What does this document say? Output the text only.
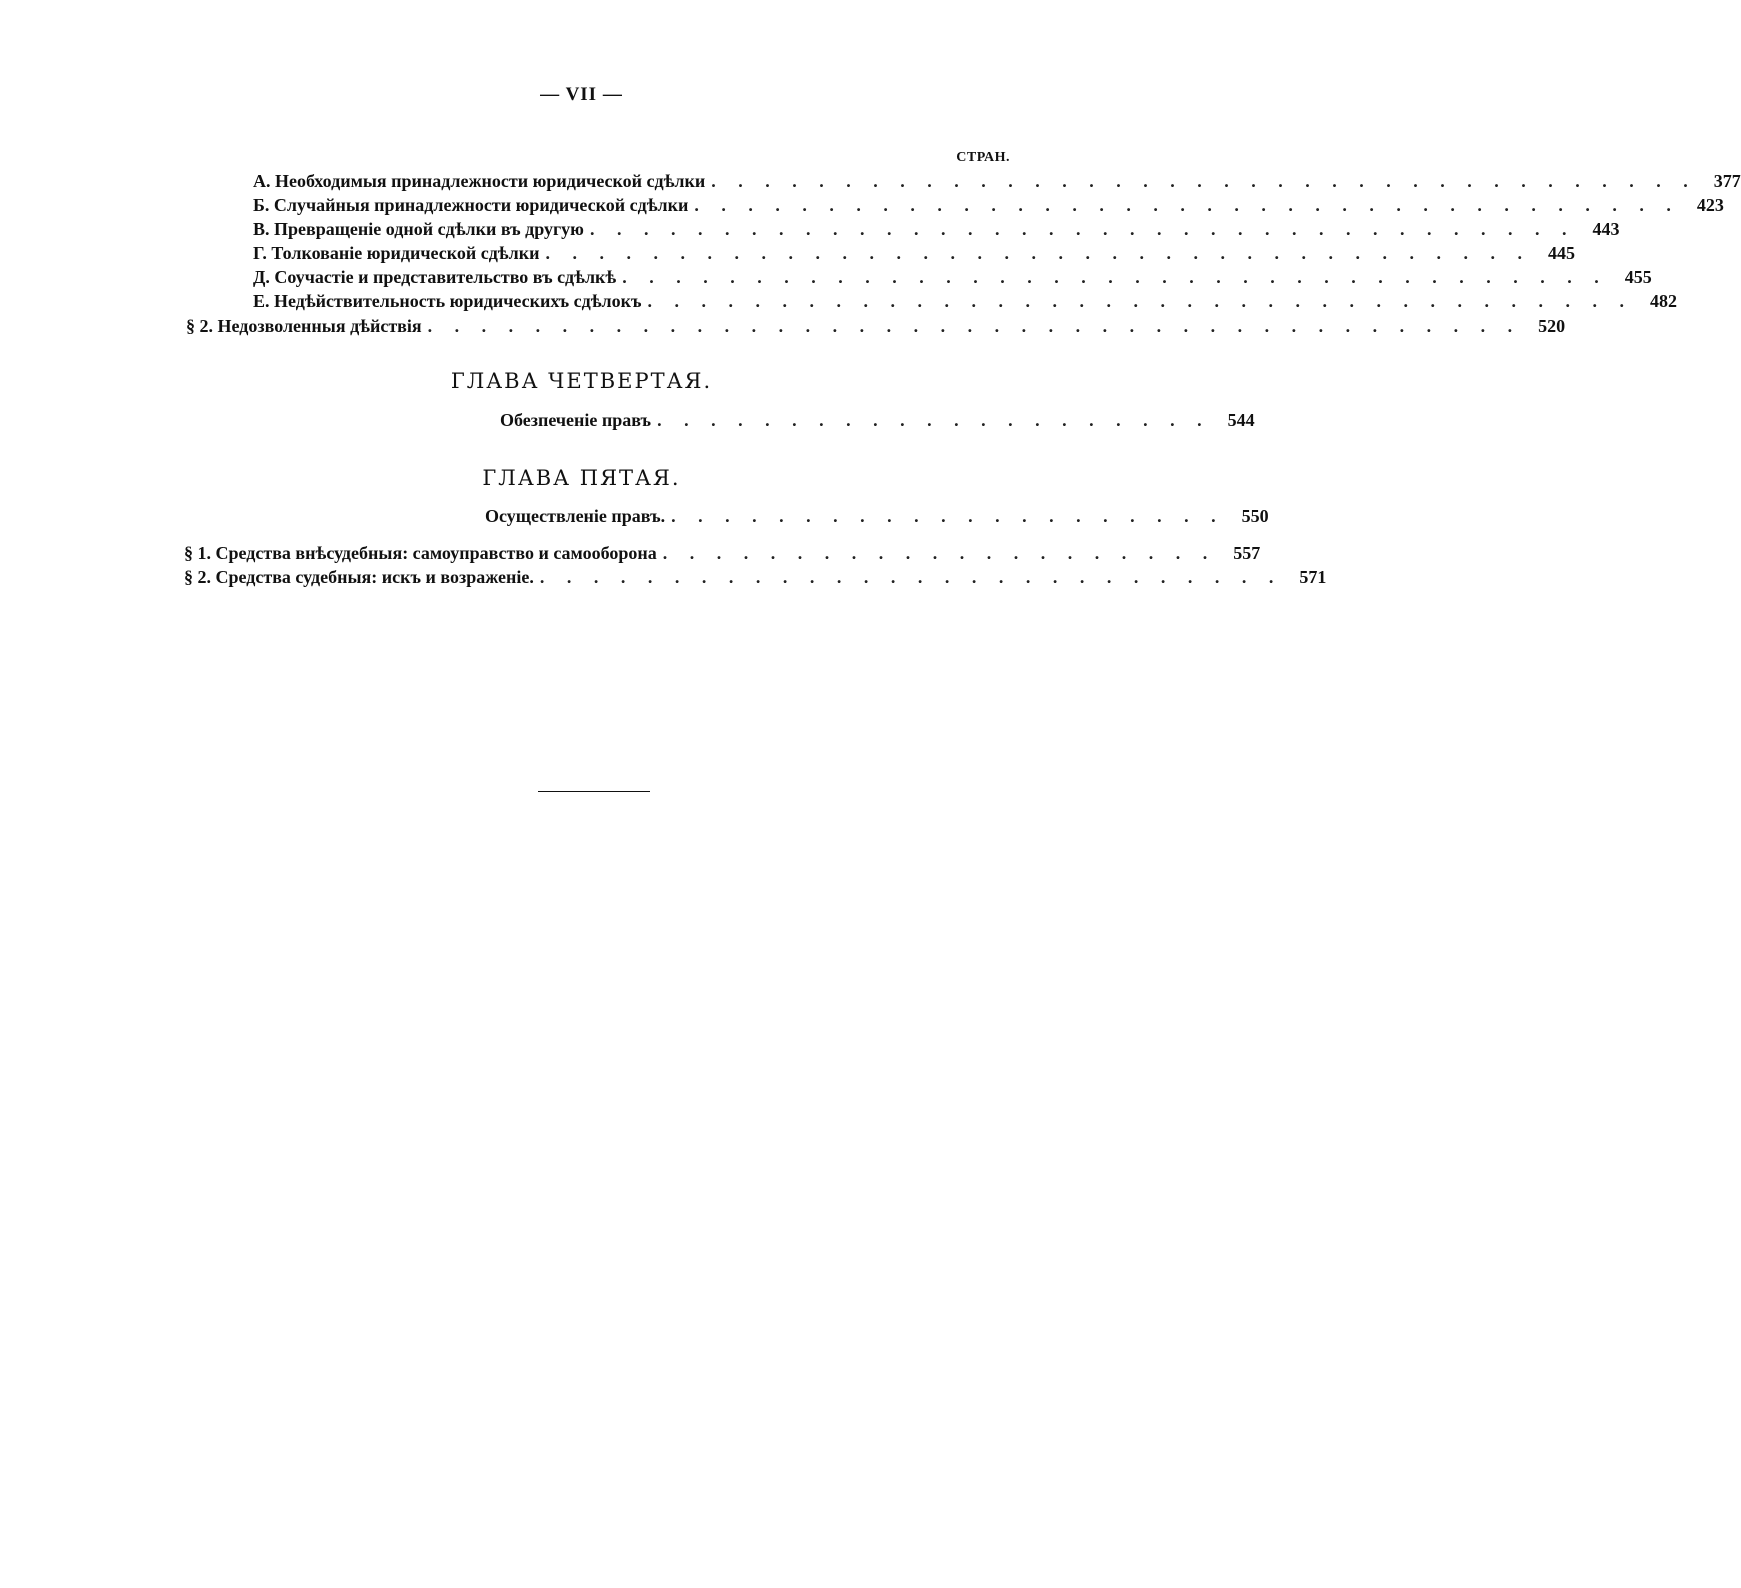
— VII —
СТРАН.
А. Необходимыя принадлежности юридической сдѣлки . . . . . . . . . . . . . . . . . . . . . . . . . . . . . . . . . . . . . 377
Б. Случайныя принадлежности юридической сдѣлки . . . . . . . . . . . . . . . . . . . . . . . . . . . . . . . . . . . . . 423
В. Превращеніе одной сдѣлки въ другую . . . . . . . . . . . . . . . . . . . . . . . . . . . . . . . . . . . . . 443
Г. Толкованіе юридической сдѣлки . . . . . . . . . . . . . . . . . . . . . . . . . . . . . . . . . . . . . 445
Д. Соучастіе и представительство въ сдѣлкѣ . . . . . . . . . . . . . . . . . . . . . . . . . . . . . . . . . . . . . 455
Е. Недѣйствительность юридическихъ сдѣлокъ . . . . . . . . . . . . . . . . . . . . . . . . . . . . . . . . . . . . . 482
§ 2. Недозволенныя дѣйствія . . . . . . . . . . . . . . . . . . . . . . . . . . . . . . . . . . . . . . . . . 520
ГЛАВА ЧЕТВЕРТАЯ.
Обезпеченіе правъ . . . . . . . . . . . . . . . . . . . . . 544
ГЛАВА ПЯТАЯ.
Осуществленіе правъ. . . . . . . . . . . . . . . . . . . . . . 550
§ 1. Средства внѣсудебныя: самоуправство и самооборона . . . . . . . . . . . . . . . . . . . . . 557
§ 2. Средства судебныя: искъ и возраженіе. . . . . . . . . . . . . . . . . . . . . . . . . . . . . 571
